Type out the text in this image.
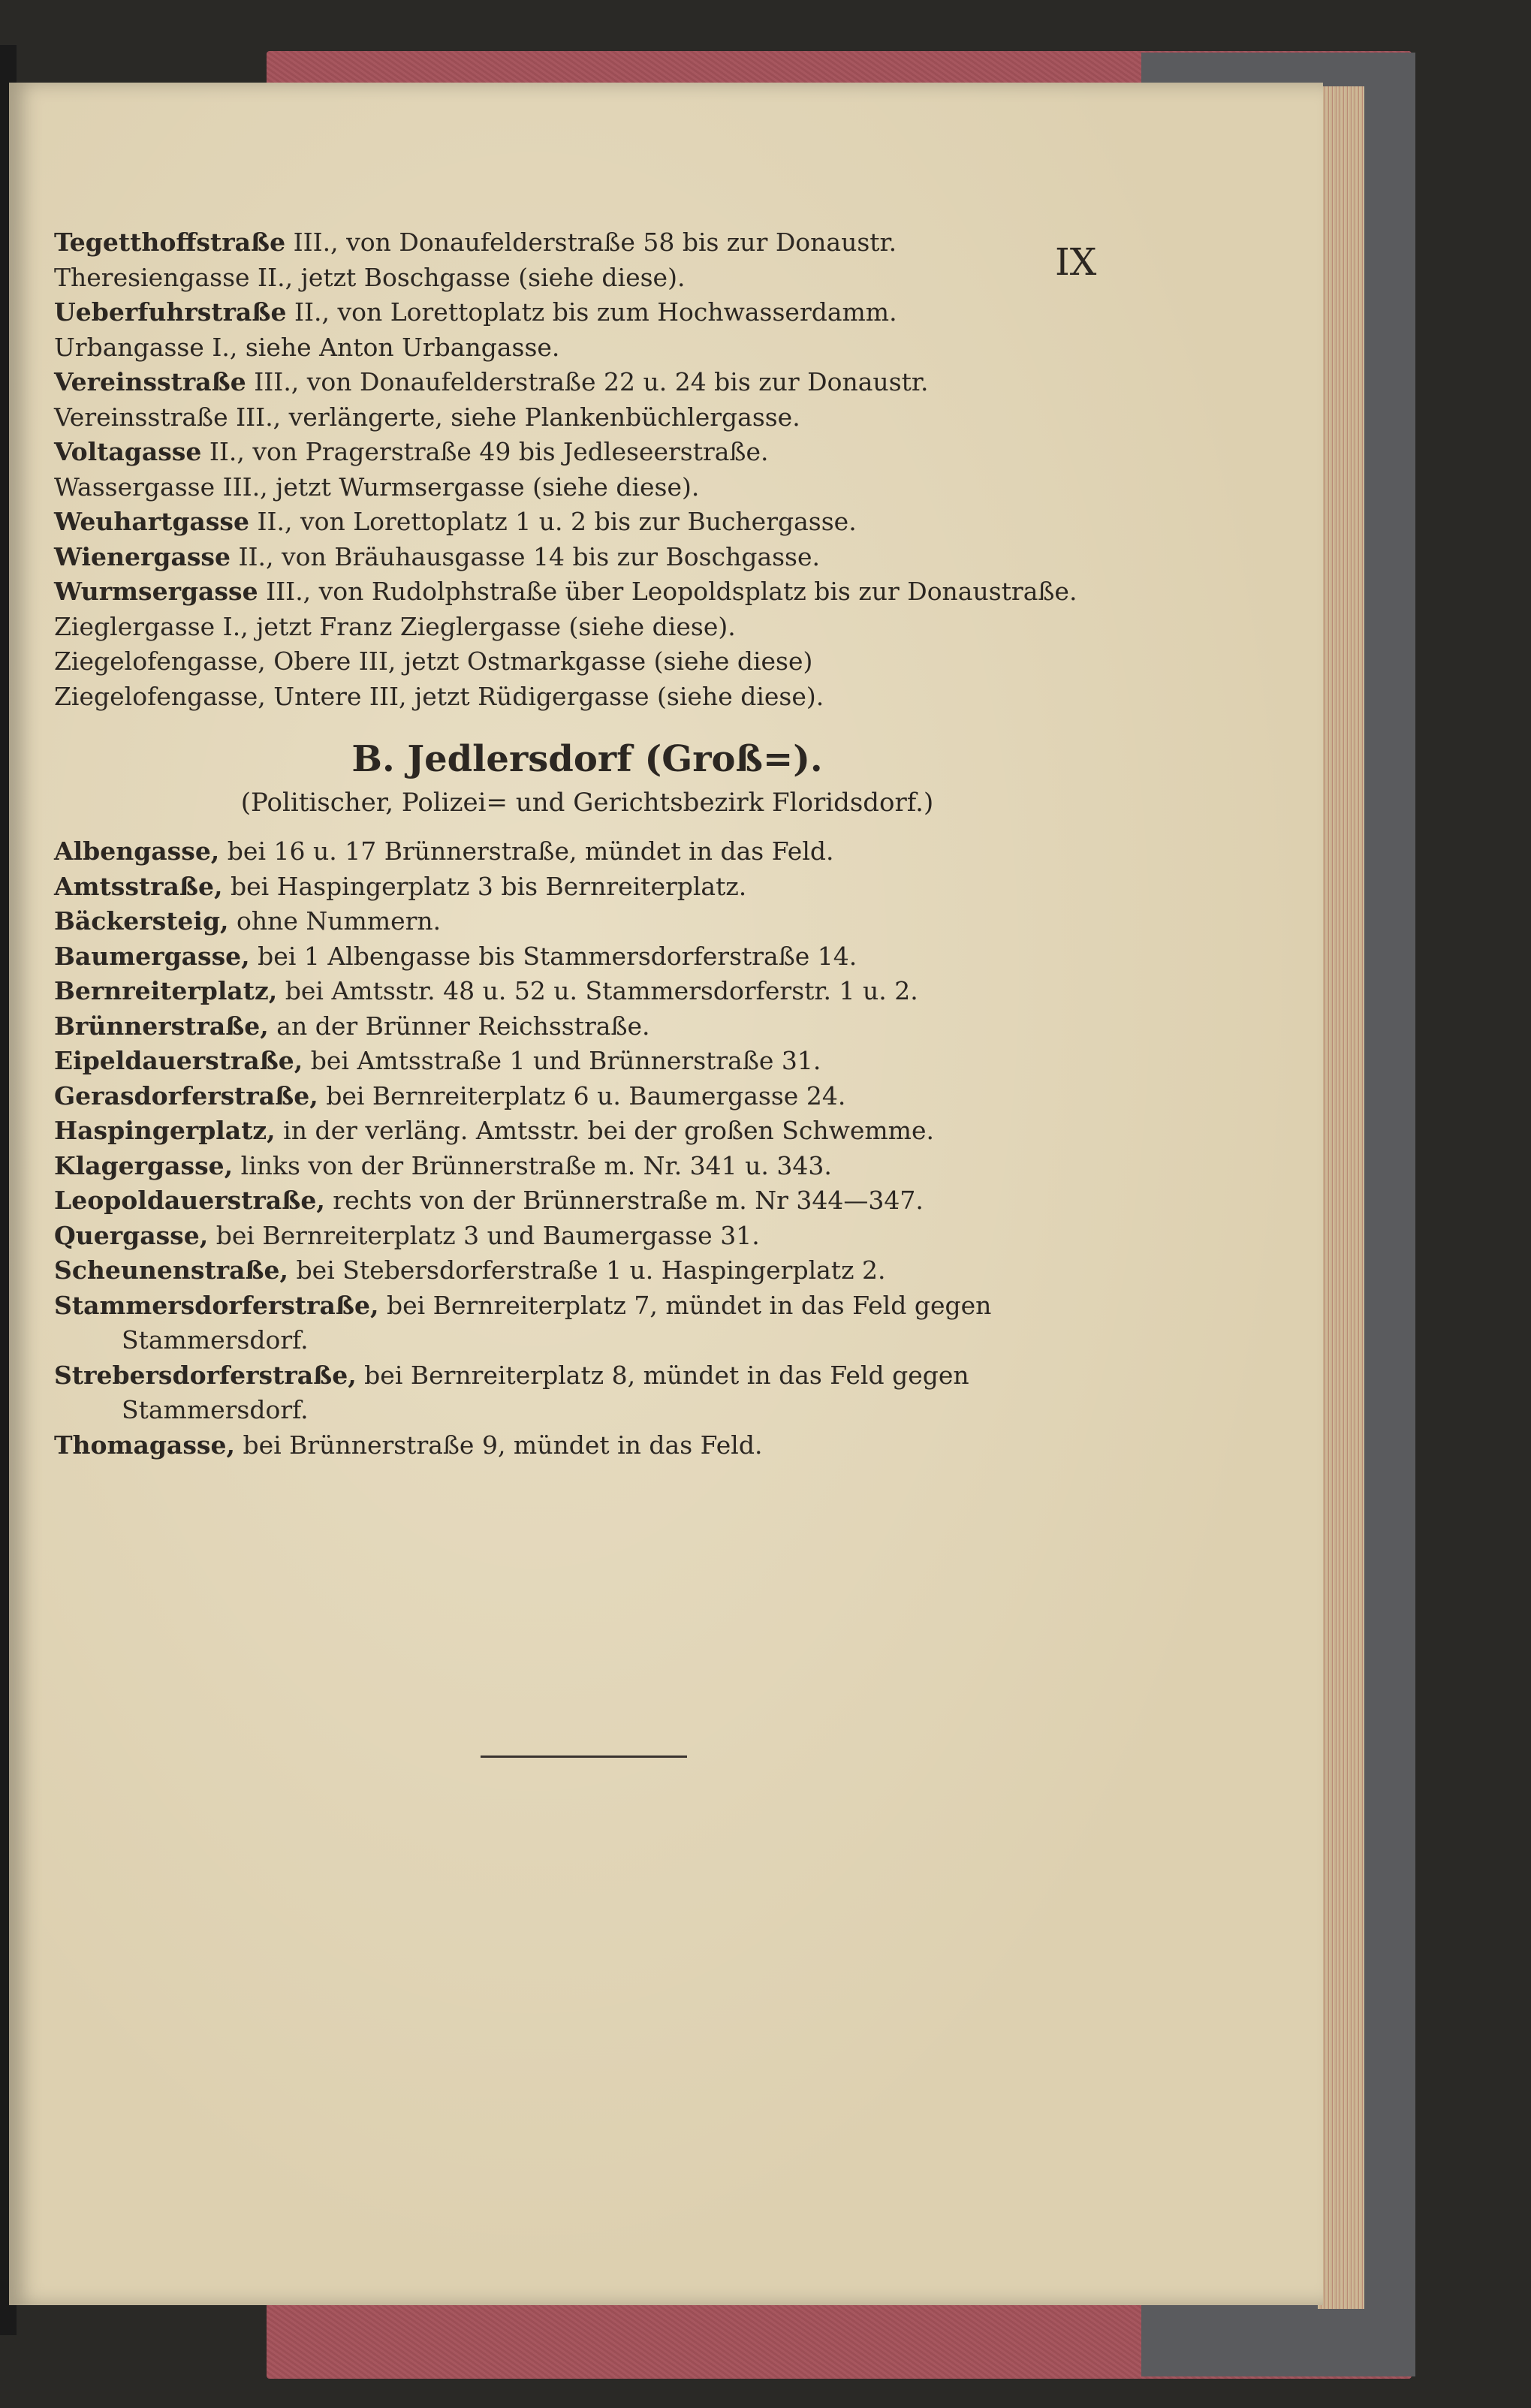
IX
Tegetthoffstraße III., von Donaufelderstraße 58 bis zur Donaustr.
Theresiengasse II., jetzt Boschgasse (siehe diese).
Ueberfuhrstraße II., von Lorettoplatz bis zum Hochwasserdamm.
Urbangasse I., siehe Anton Urbangasse.
Vereinsstraße III., von Donaufelderstraße 22 u. 24 bis zur Donaustr.
Vereinsstraße III., verlängerte, siehe Plankenbüchlergasse.
Voltagasse II., von Pragerstraße 49 bis Jedleseerstraße.
Wassergasse III., jetzt Wurmsergasse (siehe diese).
Weuhartgasse II., von Lorettoplatz 1 u. 2 bis zur Buchergasse.
Wienergasse II., von Bräuhausgasse 14 bis zur Boschgasse.
Wurmsergasse III., von Rudolphstraße über Leopoldsplatz bis zur Donaustraße.
Zieglergasse I., jetzt Franz Zieglergasse (siehe diese).
Ziegelofengasse, Obere III, jetzt Ostmarkgasse (siehe diese)
Ziegelofengasse, Untere III, jetzt Rüdigergasse (siehe diese).
B. Jedlersdorf (Groß=).
(Politischer, Polizei= und Gerichtsbezirk Floridsdorf.)
Albengasse, bei 16 u. 17 Brünnerstraße, mündet in das Feld.
Amtsstraße, bei Haspingerplatz 3 bis Bernreiterplatz.
Bäckersteig, ohne Nummern.
Baumergasse, bei 1 Albengasse bis Stammersdorferstraße 14.
Bernreiterplatz, bei Amtsstr. 48 u. 52 u. Stammersdorferstr. 1 u. 2.
Brünnerstraße, an der Brünner Reichsstraße.
Eipeldauerstraße, bei Amtsstraße 1 und Brünnerstraße 31.
Gerasdorferstraße, bei Bernreiterplatz 6 u. Baumergasse 24.
Haspingerplatz, in der verläng. Amtsstr. bei der großen Schwemme.
Klagergasse, links von der Brünnerstraße m. Nr. 341 u. 343.
Leopoldauerstraße, rechts von der Brünnerstraße m. Nr 344—347.
Quergasse, bei Bernreiterplatz 3 und Baumergasse 31.
Scheunenstraße, bei Stebersdorferstraße 1 u. Haspingerplatz 2.
Stammersdorferstraße, bei Bernreiterplatz 7, mündet in das Feld gegen Stammersdorf.
Strebersdorferstraße, bei Bernreiterplatz 8, mündet in das Feld gegen Stammersdorf.
Thomagasse, bei Brünnerstraße 9, mündet in das Feld.
